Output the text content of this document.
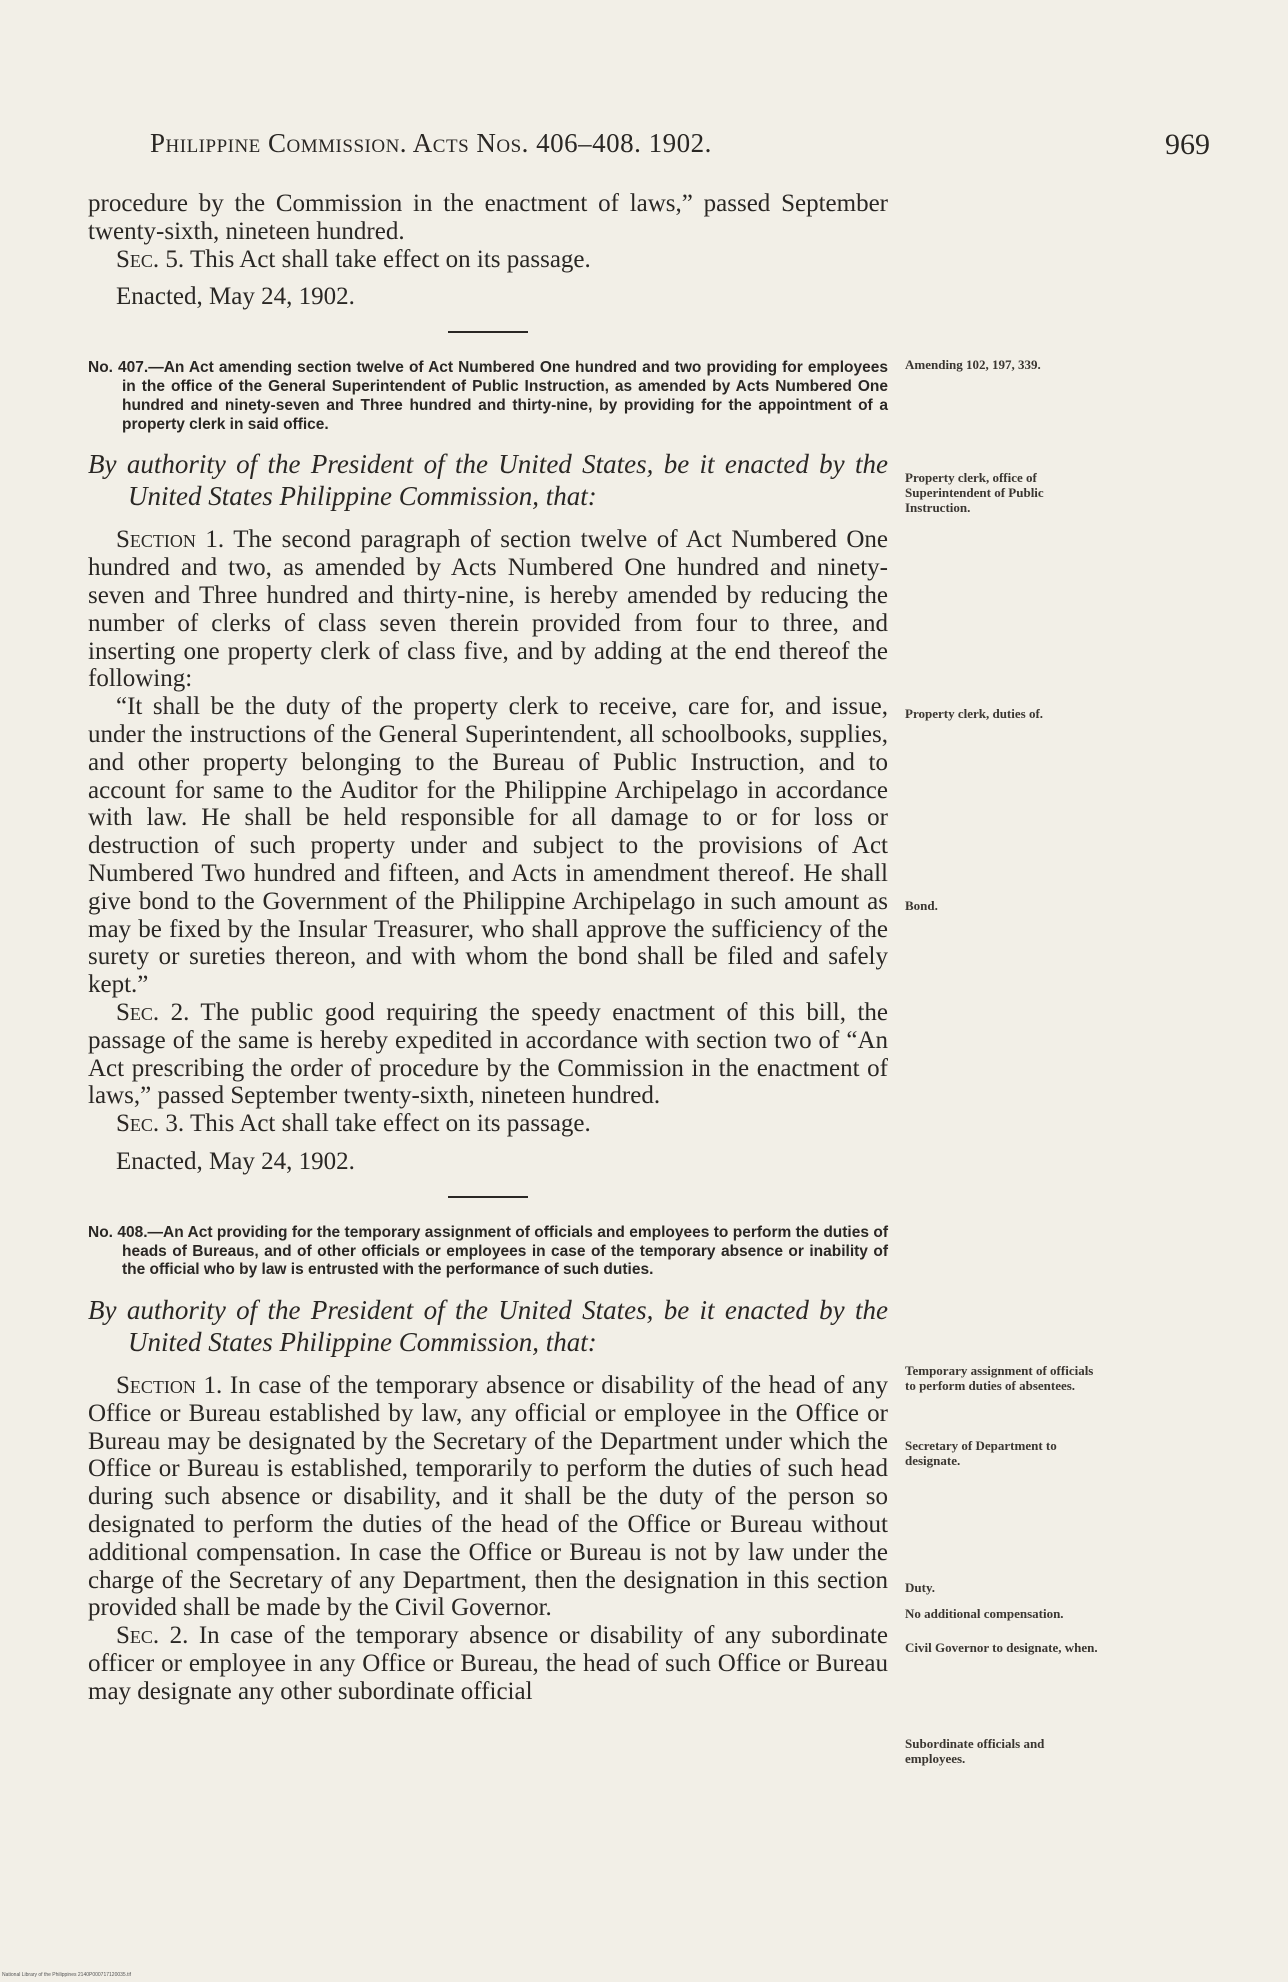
Philippine Commission. Acts Nos. 406–408. 1902.	969

procedure by the Commission in the enactment of laws,” passed September twenty-sixth, nineteen hundred.

Sec. 5. This Act shall take effect on its passage.

Enacted, May 24, 1902.

No. 407.—An Act amending section twelve of Act Numbered One hundred and two providing for employees in the office of the General Superintendent of Public Instruction, as amended by Acts Numbered One hundred and ninety-seven and Three hundred and thirty-nine, by providing for the appointment of a property clerk in said office.

By authority of the President of the United States, be it enacted by the United States Philippine Commission, that:

Section 1. The second paragraph of section twelve of Act Numbered One hundred and two, as amended by Acts Numbered One hundred and ninety-seven and Three hundred and thirty-nine, is hereby amended by reducing the number of clerks of class seven therein provided from four to three, and inserting one property clerk of class five, and by adding at the end thereof the following:

“It shall be the duty of the property clerk to receive, care for, and issue, under the instructions of the General Superintendent, all schoolbooks, supplies, and other property belonging to the Bureau of Public Instruction, and to account for same to the Auditor for the Philippine Archipelago in accordance with law. He shall be held responsible for all damage to or for loss or destruction of such property under and subject to the provisions of Act Numbered Two hundred and fifteen, and Acts in amendment thereof. He shall give bond to the Government of the Philippine Archipelago in such amount as may be fixed by the Insular Treasurer, who shall approve the sufficiency of the surety or sureties thereon, and with whom the bond shall be filed and safely kept.”

Sec. 2. The public good requiring the speedy enactment of this bill, the passage of the same is hereby expedited in accordance with section two of “An Act prescribing the order of procedure by the Commission in the enactment of laws,” passed September twenty-sixth, nineteen hundred.

Sec. 3. This Act shall take effect on its passage.

Enacted, May 24, 1902.

No. 408.—An Act providing for the temporary assignment of officials and employees to perform the duties of heads of Bureaus, and of other officials or employees in case of the temporary absence or inability of the official who by law is entrusted with the performance of such duties.

By authority of the President of the United States, be it enacted by the United States Philippine Commission, that:

Section 1. In case of the temporary absence or disability of the head of any Office or Bureau established by law, any official or employee in the Office or Bureau may be designated by the Secretary of the Department under which the Office or Bureau is established, temporarily to perform the duties of such head during such absence or disability, and it shall be the duty of the person so designated to perform the duties of the head of the Office or Bureau without additional compensation. In case the Office or Bureau is not by law under the charge of the Secretary of any Department, then the designation in this section provided shall be made by the Civil Governor.

Sec. 2. In case of the temporary absence or disability of any subordinate officer or employee in any Office or Bureau, the head of such Office or Bureau may designate any other subordinate official

Amending 102, 197, 339.
Property clerk, office of Superintendent of Public Instruction.
Property clerk, duties of.
Bond.
Temporary assignment of officials to perform duties of absentees.
Secretary of Department to designate.
Duty.
No additional compensation.
Civil Governor to designate, when.
Subordinate officials and employees.
National Library of the Philippines 2140P000717120035.tif
